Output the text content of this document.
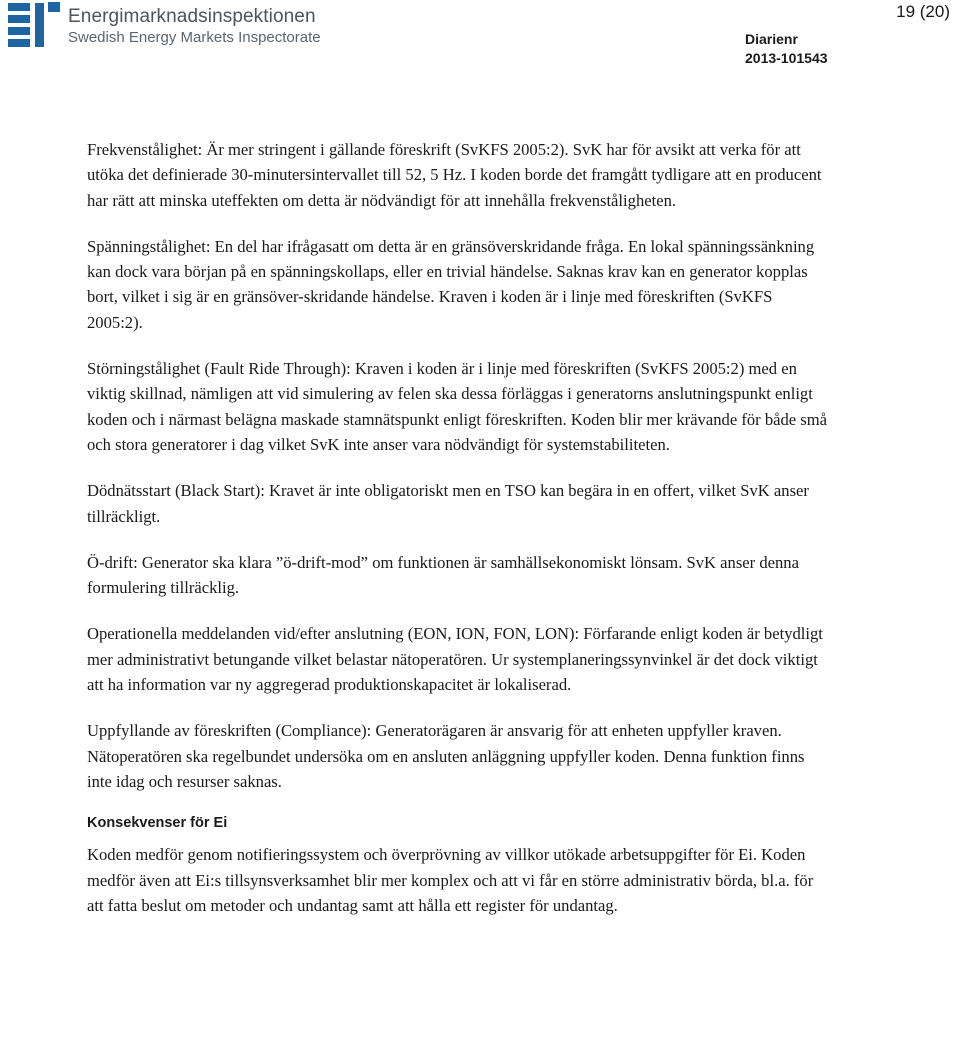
Energimarknadsinspektionen
Swedish Energy Markets Inspectorate
19 (20)
Diarienr
2013-101543

Frekvenstålighet: Är mer stringent i gällande föreskrift (SvKFS 2005:2). SvK har för avsikt att verka för att utöka det definierade 30-minutersintervallet till 52, 5 Hz. I koden borde det framgått tydligare att en producent har rätt att minska uteffekten om detta är nödvändigt för att innehålla frekvenståligheten.

Spänningstålighet: En del har ifrågasatt om detta är en gränsöverskridande fråga. En lokal spänningssänkning kan dock vara början på en spänningskollaps, eller en trivial händelse. Saknas krav kan en generator kopplas bort, vilket i sig är en gränsöver-skridande händelse. Kraven i koden är i linje med föreskriften (SvKFS 2005:2).

Störningstålighet (Fault Ride Through): Kraven i koden är i linje med föreskriften (SvKFS 2005:2) med en viktig skillnad, nämligen att vid simulering av felen ska dessa förläggas i generatorns anslutningspunkt enligt koden och i närmast belägna maskade stamnätspunkt enligt föreskriften. Koden blir mer krävande för både små och stora generatorer i dag vilket SvK inte anser vara nödvändigt för systemstabiliteten.

Dödnätsstart (Black Start): Kravet är inte obligatoriskt men en TSO kan begära in en offert, vilket SvK anser tillräckligt.

Ö-drift: Generator ska klara ”ö-drift-mod” om funktionen är samhällsekonomiskt lönsam. SvK anser denna formulering tillräcklig.

Operationella meddelanden vid/efter anslutning (EON, ION, FON, LON): Förfarande enligt koden är betydligt mer administrativt betungande vilket belastar nätoperatören. Ur systemplaneringssynvinkel är det dock viktigt att ha information var ny aggregerad produktionskapacitet är lokaliserad.

Uppfyllande av föreskriften (Compliance): Generatorägaren är ansvarig för att enheten uppfyller kraven. Nätoperatören ska regelbundet undersöka om en ansluten anläggning uppfyller koden. Denna funktion finns inte idag och resurser saknas.

Konsekvenser för Ei

Koden medför genom notifieringssystem och överprövning av villkor utökade arbetsuppgifter för Ei. Koden medför även att Ei:s tillsynsverksamhet blir mer komplex och att vi får en större administrativ börda, bl.a. för att fatta beslut om metoder och undantag samt att hålla ett register för undantag.
